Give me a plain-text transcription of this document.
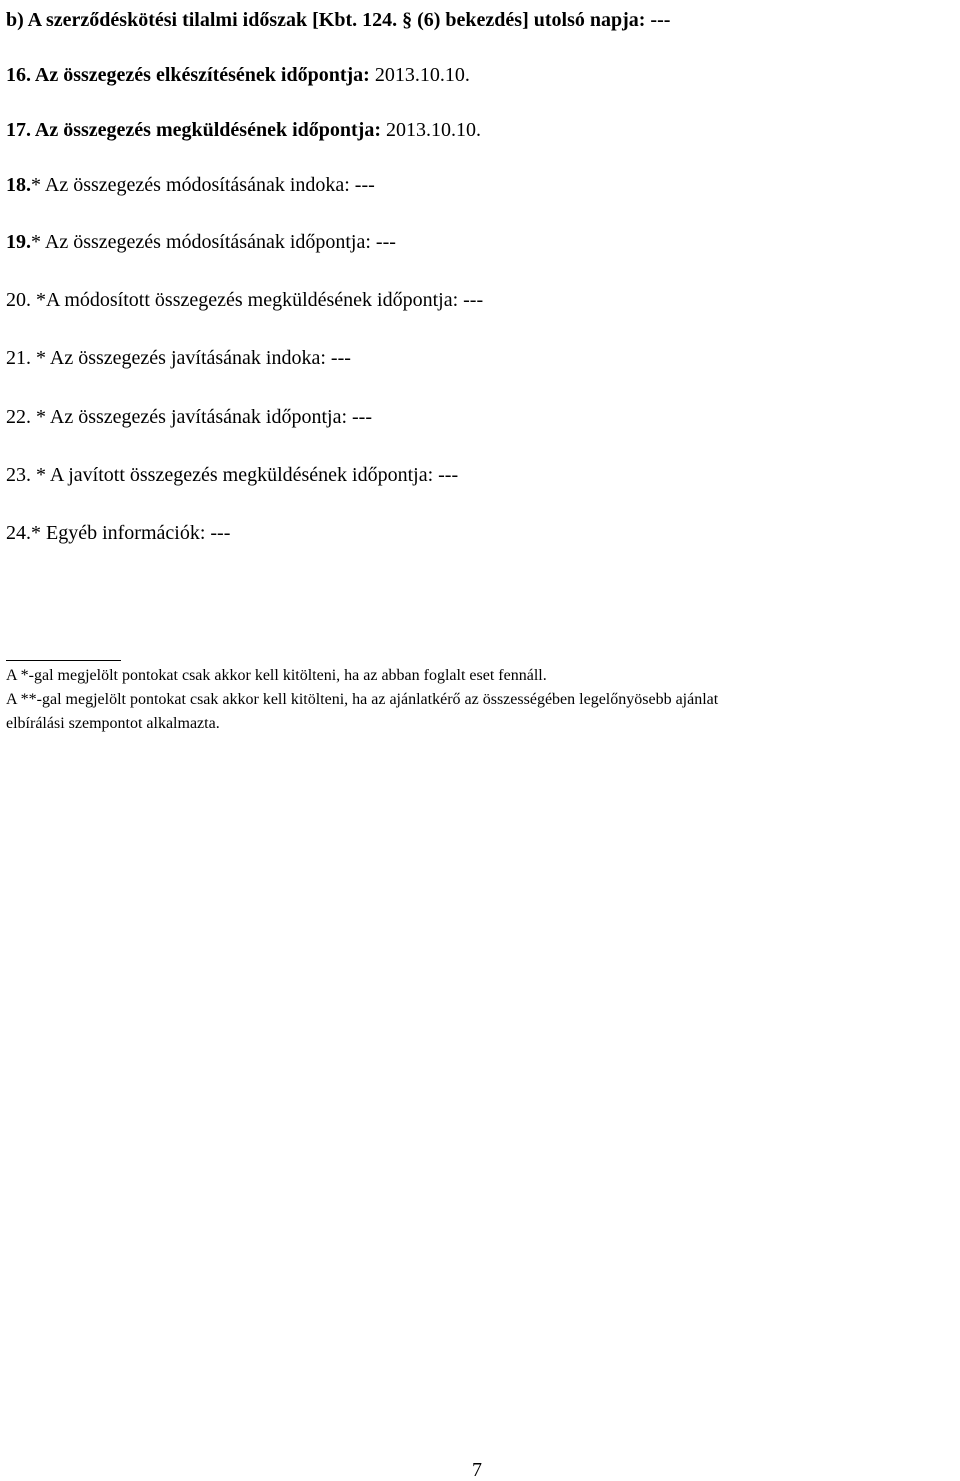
b) A szerződéskötési tilalmi időszak [Kbt. 124. § (6) bekezdés] utolsó napja: ---
16. Az összegezés elkészítésének időpontja: 2013.10.10.
17. Az összegezés megküldésének időpontja: 2013.10.10.
18.* Az összegezés módosításának indoka: ---
19.* Az összegezés módosításának időpontja: ---
20. *A módosított összegezés megküldésének időpontja: ---
21. * Az összegezés javításának indoka: ---
22. * Az összegezés javításának időpontja: ---
23. * A javított összegezés megküldésének időpontja: ---
24.* Egyéb információk: ---
A *-gal megjelölt pontokat csak akkor kell kitölteni, ha az abban foglalt eset fennáll.
A **-gal megjelölt pontokat csak akkor kell kitölteni, ha az ajánlatkérő az összességében legelőnyösebb ajánlat
elbírálási szempontot alkalmazta.
7
